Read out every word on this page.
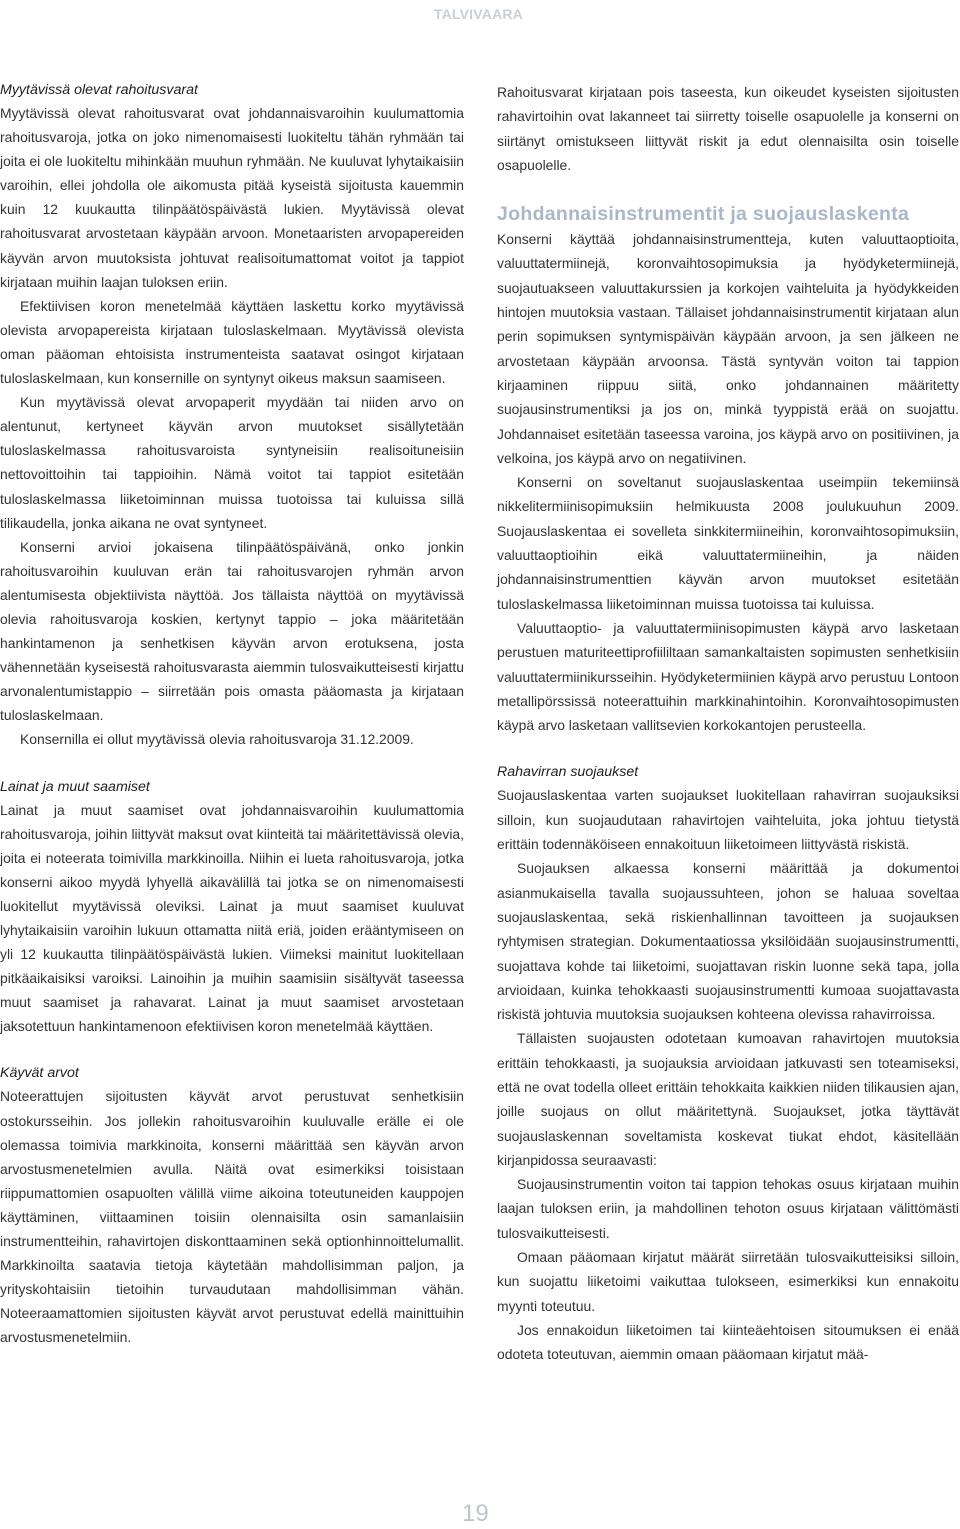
TALVIVAARA
Myytävissä olevat rahoitusvarat

Myytävissä olevat rahoitusvarat ovat johdannaisvaroihin kuulumattomia rahoitusvaroja, jotka on joko nimenomaisesti luokiteltu tähän ryhmään tai joita ei ole luokiteltu mihinkään muuhun ryhmään. Ne kuuluvat lyhytaikaisiin varoihin, ellei johdolla ole aikomusta pitää kyseistä sijoitusta kauemmin kuin 12 kuukautta tilinpäätöspäivästä lukien. Myytävissä olevat rahoitusvarat arvostetaan käypään arvoon. Monetaaristen arvopapereiden käyvän arvon muutoksista johtuvat realisoitumattomat voitot ja tappiot kirjataan muihin laajan tuloksen eriin.

Efektiivisen koron menetelmää käyttäen laskettu korko myytävissä olevista arvopapereista kirjataan tuloslaskelmaan. Myytävissä olevista oman pääoman ehtoisista instrumenteista saatavat osingot kirjataan tuloslaskelmaan, kun konsernille on syntynyt oikeus maksun saamiseen.

Kun myytävissä olevat arvopaperit myydään tai niiden arvo on alentunut, kertyneet käyvän arvon muutokset sisällytetään tuloslaskelmassa rahoitusvaroista syntyneisiin realisoituneisiin nettovoittoihin tai tappioihin. Nämä voitot tai tappiot esitetään tuloslaskelmassa liiketoiminnan muissa tuotoissa tai kuluissa sillä tilikaudella, jonka aikana ne ovat syntyneet.

Konserni arvioi jokaisena tilinpäätöspäivänä, onko jonkin rahoitusvaroihin kuuluvan erän tai rahoitusvarojen ryhmän arvon alentumisesta objektiivista näyttöä. Jos tällaista näyttöä on myytävissä olevia rahoitusvaroja koskien, kertynyt tappio – joka määritetään hankintamenon ja senhetkisen käyvän arvon erotuksena, josta vähennetään kyseisestä rahoitusvarasta aiemmin tulosvaikutteisesti kirjattu arvonalentumistappio – siirretään pois omasta pääomasta ja kirjataan tuloslaskelmaan.

Konsernilla ei ollut myytävissä olevia rahoitusvaroja 31.12.2009.

Lainat ja muut saamiset

Lainat ja muut saamiset ovat johdannaisvaroihin kuulumattomia rahoitusvaroja, joihin liittyvät maksut ovat kiinteitä tai määritettävissä olevia, joita ei noteerata toimivilla markkinoilla. Niihin ei lueta rahoitusvaroja, jotka konserni aikoo myydä lyhyellä aikavälillä tai jotka se on nimenomaisesti luokitellut myytävissä oleviksi. Lainat ja muut saamiset kuuluvat lyhytaikaisiin varoihin lukuun ottamatta niitä eriä, joiden erääntymiseen on yli 12 kuukautta tilinpäätöspäivästä lukien. Viimeksi mainitut luokitellaan pitkäaikaisiksi varoiksi. Lainoihin ja muihin saamisiin sisältyvät taseessa muut saamiset ja rahavarat. Lainat ja muut saamiset arvostetaan jaksotettuun hankintamenoon efektiivisen koron menetelmää käyttäen.

Käyvät arvot

Noteerattujen sijoitusten käyvät arvot perustuvat senhetkisiin ostokursseihin. Jos jollekin rahoitusvaroihin kuuluvalle erälle ei ole olemassa toimivia markkinoita, konserni määrittää sen käyvän arvon arvostusmenetelmien avulla. Näitä ovat esimerkiksi toisistaan riippumattomien osapuolten välillä viime aikoina toteutuneiden kauppojen käyttäminen, viittaaminen toisiin olennaisilta osin samanlaisiin instrumentteihin, rahavirtojen diskonttaaminen sekä optionhinnoittelumallit. Markkinoilta saatavia tietoja käytetään mahdollisimman paljon, ja yrityskohtaisiin tietoihin turvaudutaan mahdollisimman vähän. Noteeraamattomien sijoitusten käyvät arvot perustuvat edellä mainittuihin arvostusmenetelmiin.

Rahoitusvarat kirjataan pois taseesta, kun oikeudet kyseisten sijoitusten rahavirtoihin ovat lakanneet tai siirretty toiselle osapuolelle ja konserni on siirtänyt omistukseen liittyvät riskit ja edut olennaisilta osin toiselle osapuolelle.

Johdannaisinstrumentit ja suojauslaskenta

Konserni käyttää johdannaisinstrumentteja, kuten valuuttaoptioita, valuuttatermiinejä, koronvaihtosopimuksia ja hyödyketermiinejä, suojautuakseen valuuttakurssien ja korkojen vaihteluita ja hyödykkeiden hintojen muutoksia vastaan. Tällaiset johdannaisinstrumentit kirjataan alun perin sopimuksen syntymispäivän käypään arvoon, ja sen jälkeen ne arvostetaan käypään arvoonsa. Tästä syntyvän voiton tai tappion kirjaaminen riippuu siitä, onko johdannainen määritetty suojausinstrumentiksi ja jos on, minkä tyyppistä erää on suojattu. Johdannaiset esitetään taseessa varoina, jos käypä arvo on positiivinen, ja velkoina, jos käypä arvo on negatiivinen.

Konserni on soveltanut suojauslaskentaa useimpiin tekemiinsä nikkelitermiinisopimuksiin helmikuusta 2008 joulukuuhun 2009. Suojauslaskentaa ei sovelleta sinkkitermiineihin, koronvaihtosopimuksiin, valuuttaoptioihin eikä valuuttatermiineihin, ja näiden johdannaisinstrumenttien käyvän arvon muutokset esitetään tuloslaskelmassa liiketoiminnan muissa tuotoissa tai kuluissa.

Valuuttaoptio- ja valuuttatermiinisopimusten käypä arvo lasketaan perustuen maturiteettiprofiililtaan samankaltaisten sopimusten senhetkisiin valuuttatermiinikursseihin. Hyödyketermiinien käypä arvo perustuu Lontoon metallipörssissä noteerattuihin markkinahintoihin. Koronvaihtosopimusten käypä arvo lasketaan vallitsevien korkokantojen perusteella.

Rahavirran suojaukset

Suojauslaskentaa varten suojaukset luokitellaan rahavirran suojauksiksi silloin, kun suojaudutaan rahavirtojen vaihteluita, joka johtuu tietystä erittäin todennäköiseen ennakoituun liiketoimeen liittyvästä riskistä.

Suojauksen alkaessa konserni määrittää ja dokumentoi asianmukaisella tavalla suojaussuhteen, johon se haluaa soveltaa suojauslaskentaa, sekä riskienhallinnan tavoitteen ja suojauksen ryhtymisen strategian. Dokumentaatiossa yksilöidään suojausinstrumentti, suojattava kohde tai liiketoimi, suojattavan riskin luonne sekä tapa, jolla arvioidaan, kuinka tehokkaasti suojausinstrumentti kumoaa suojattavasta riskistä johtuvia muutoksia suojauksen kohteena olevissa rahavirroissa.

Tällaisten suojausten odotetaan kumoavan rahavirtojen muutoksia erittäin tehokkaasti, ja suojauksia arvioidaan jatkuvasti sen toteamiseksi, että ne ovat todella olleet erittäin tehokkaita kaikkien niiden tilikausien ajan, joille suojaus on ollut määritettynä. Suojaukset, jotka täyttävät suojauslaskennan soveltamista koskevat tiukat ehdot, käsitellään kirjanpidossa seuraavasti:

Suojausinstrumentin voiton tai tappion tehokas osuus kirjataan muihin laajan tuloksen eriin, ja mahdollinen tehoton osuus kirjataan välittömästi tulosvaikutteisesti.

Omaan pääomaan kirjatut määrät siirretään tulosvaikutteisiksi silloin, kun suojattu liiketoimi vaikuttaa tulokseen, esimerkiksi kun ennakoitu myynti toteutuu.

Jos ennakoidun liiketoimen tai kiinteäehtoisen sitoumuksen ei enää odoteta toteutuvan, aiemmin omaan pääomaan kirjatut mää-

19
